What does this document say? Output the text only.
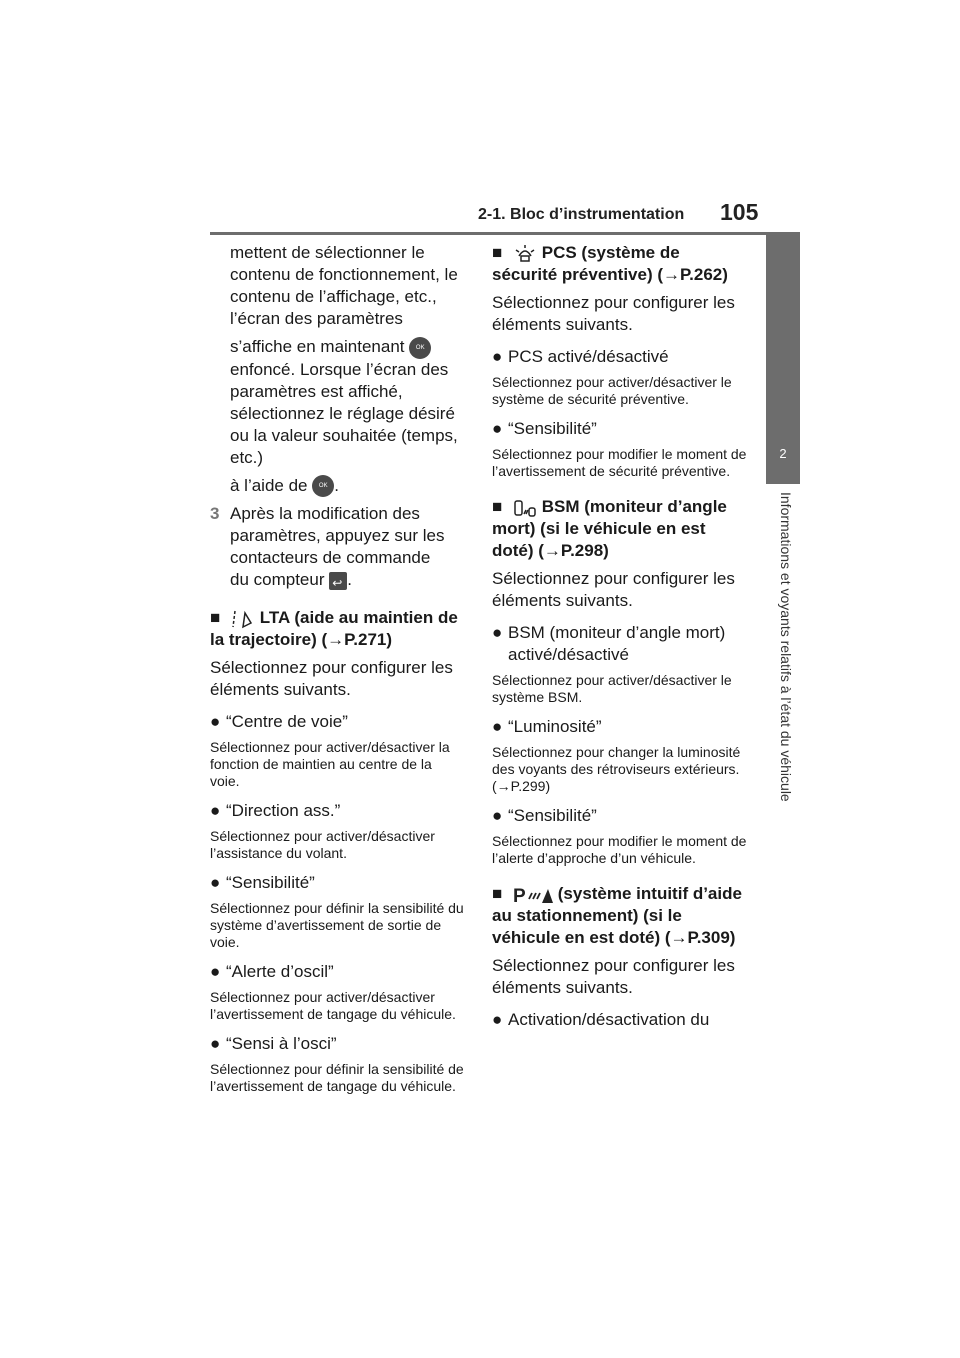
2-1. Bloc d’instrumentation 105
2
Informations et voyants relatifs à l’état du véhicule

mettent de sélectionner le contenu de fonctionnement, le contenu de l’affichage, etc., l’écran des paramètres

s’affiche en maintenant OK enfoncé. Lorsque l’écran des paramètres est affiché, sélectionnez le réglage désiré ou la valeur souhaitée (temps, etc.)

à l’aide de OK .

3 Après la modification des paramètres, appuyez sur les contacteurs de commande
du compteur ↩ .

■ LTA (aide au maintien de la trajectoire) (→P.271)

Sélectionnez pour configurer les éléments suivants.

● “Centre de voie”

Sélectionnez pour activer/désactiver la fonction de maintien au centre de la voie.

● “Direction ass.”

Sélectionnez pour activer/désactiver l’assistance du volant.

● “Sensibilité”

Sélectionnez pour définir la sensibilité du système d’avertissement de sortie de voie.

● “Alerte d’oscil”

Sélectionnez pour activer/désactiver l’avertissement de tangage du véhicule.

● “Sensi à l’osci”

Sélectionnez pour définir la sensibilité de l’avertissement de tangage du véhicule.

■ PCS (système de sécurité préventive) (→P.262)

Sélectionnez pour configurer les éléments suivants.

● PCS activé/désactivé

Sélectionnez pour activer/désactiver le système de sécurité préventive.

● “Sensibilité”

Sélectionnez pour modifier le moment de l’avertissement de sécurité préventive.

■ BSM (moniteur d’angle mort) (si le véhicule en est doté) (→P.298)

Sélectionnez pour configurer les éléments suivants.

● BSM (moniteur d’angle mort) activé/désactivé

Sélectionnez pour activer/désactiver le système BSM.

● “Luminosité”

Sélectionnez pour changer la luminosité des voyants des rétroviseurs extérieurs. (→P.299)

● “Sensibilité”

Sélectionnez pour modifier le moment de l’alerte d’approche d’un véhicule.

■ P (système intuitif d’aide au stationnement) (si le véhicule en est doté) (→P.309)

Sélectionnez pour configurer les éléments suivants.

● Activation/désactivation du
